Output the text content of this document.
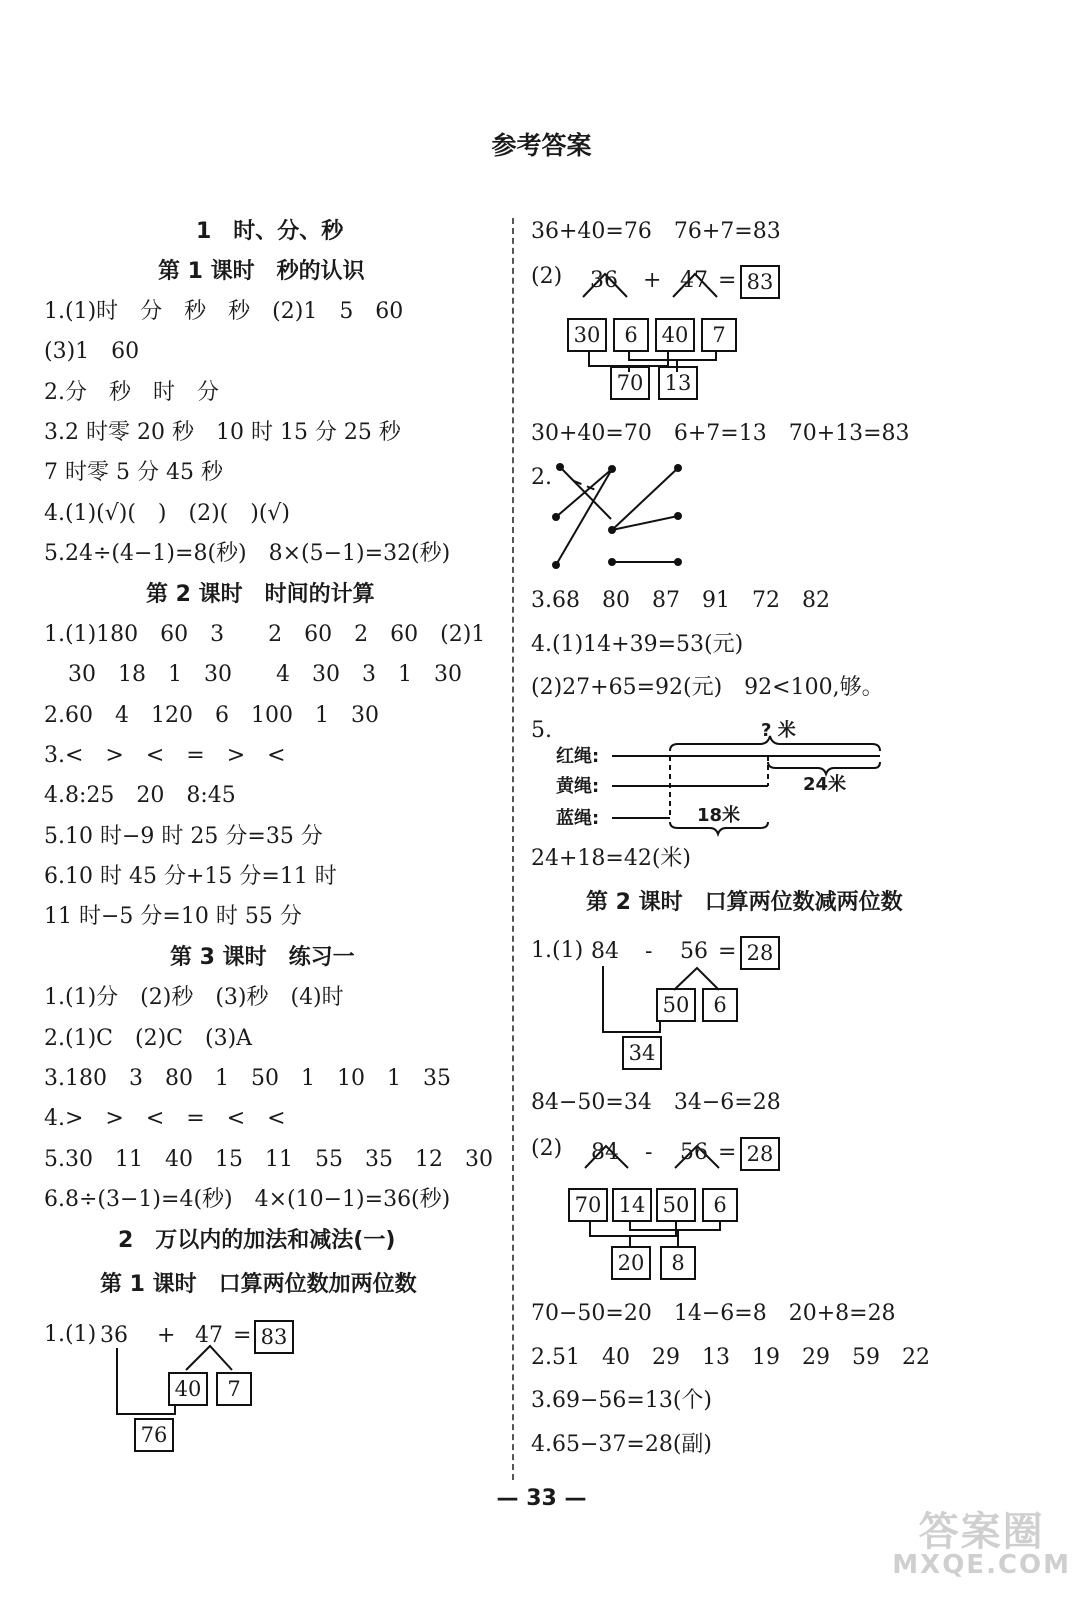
参考答案
1　时、分、秒
第 1 课时　秒的认识
1.(1)时　分　秒　秒　(2)1　5　60
(3)1　60
2.分　秒　时　分
3.2 时零 20 秒　10 时 15 分 25 秒
7 时零 5 分 45 秒
4.(1)(√)(　)　(2)(　)(√)
5.24÷(4−1)=8(秒)　8×(5−1)=32(秒)
第 2 课时　时间的计算
1.(1)180　60　3　　2　60　2　60　(2)1
30　18　1　30　　4　30　3　1　30
2.60　4　120　6　100　1　30
3.<　>　<　=　>　<
4.8:25　20　8:45
5.10 时−9 时 25 分=35 分
6.10 时 45 分+15 分=11 时
11 时−5 分=10 时 55 分
第 3 课时　练习一
1.(1)分　(2)秒　(3)秒　(4)时
2.(1)C　(2)C　(3)A
3.180　3　80　1　50　1　10　1　35
4.>　>　<　=　<　<
5.30　11　40　15　11　55　35　12　30
6.8÷(3−1)=4(秒)　4×(10−1)=36(秒)
2　万以内的加法和减法(一)
第 1 课时　口算两位数加两位数
1.(1) 36 + 47 = 83
40	7
76
36+40=76　76+7=83
(2) 36 + 47 = 83
30	6	40	7
70	13
30+40=70　6+7=13　70+13=83
2.
3.68　80　87　91　72　82
4.(1)14+39=53(元)
(2)27+65=92(元)　92<100,够。
5.
红绳:
黄绳:
蓝绳:
? 米
24米
18米
24+18=42(米)
第 2 课时　口算两位数减两位数
1.(1) 84 - 56 = 28
50	6
34
84−50=34　34−6=28
(2) 84 - 56 = 28
70 14 50	6
20	8
70−50=20　14−6=8　20+8=28
2.51　40　29　13　19　29　59　22
3.69−56=13(个)
4.65−37=28(副)
— 33 —
答案圈
MXQE.COM
